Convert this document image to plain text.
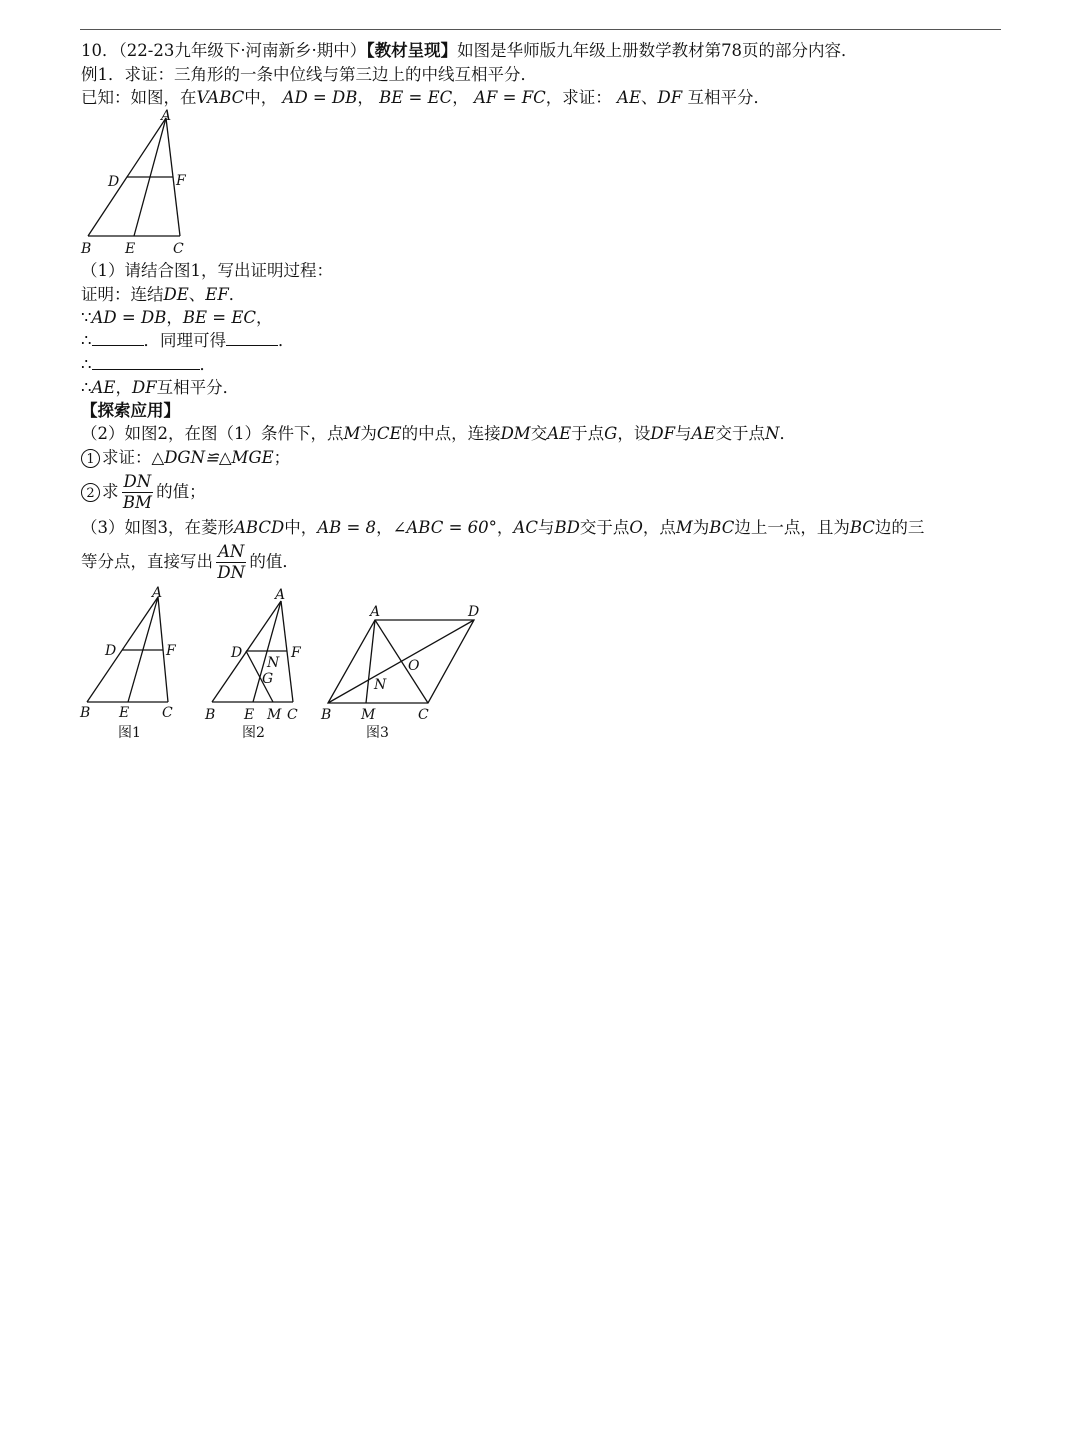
10．（22-23九年级下·河南新乡·期中）【教材呈现】如图是华师版九年级上册数学教材第78页的部分内容．
例1．求证：三角形的一条中位线与第三边上的中线互相平分．
已知：如图，在VABC中， AD = DB， BE = EC， AF = FC，求证： AE、DF 互相平分．
A
D	F
B E	C
（1）请结合图1，写出证明过程：
证明：连结DE、EF．
∵AD = DB，BE = EC，
∴	．同理可得	．
∴	．
∴AE，DF互相平分．
【探索应用】
（2）如图2，在图（1）条件下，点M为CE的中点，连接DM交AE于点G，设DF与AE交于点N．
1 求证：△DGN≌△MGE；
2 求 $\frac{DN}{BM}$ 的值；
（3）如图3，在菱形ABCD中，AB = 8，∠ABC = 60°，AC与BD交于点O，点M为BC边上一点，且为BC边的三
等分点，直接写出 $\frac{AN}{DN}$ 的值．
A
D	F
B E C
图1
A
D	F
N
G
B E M C
图2
A	D
O
N
B M	C
图3
